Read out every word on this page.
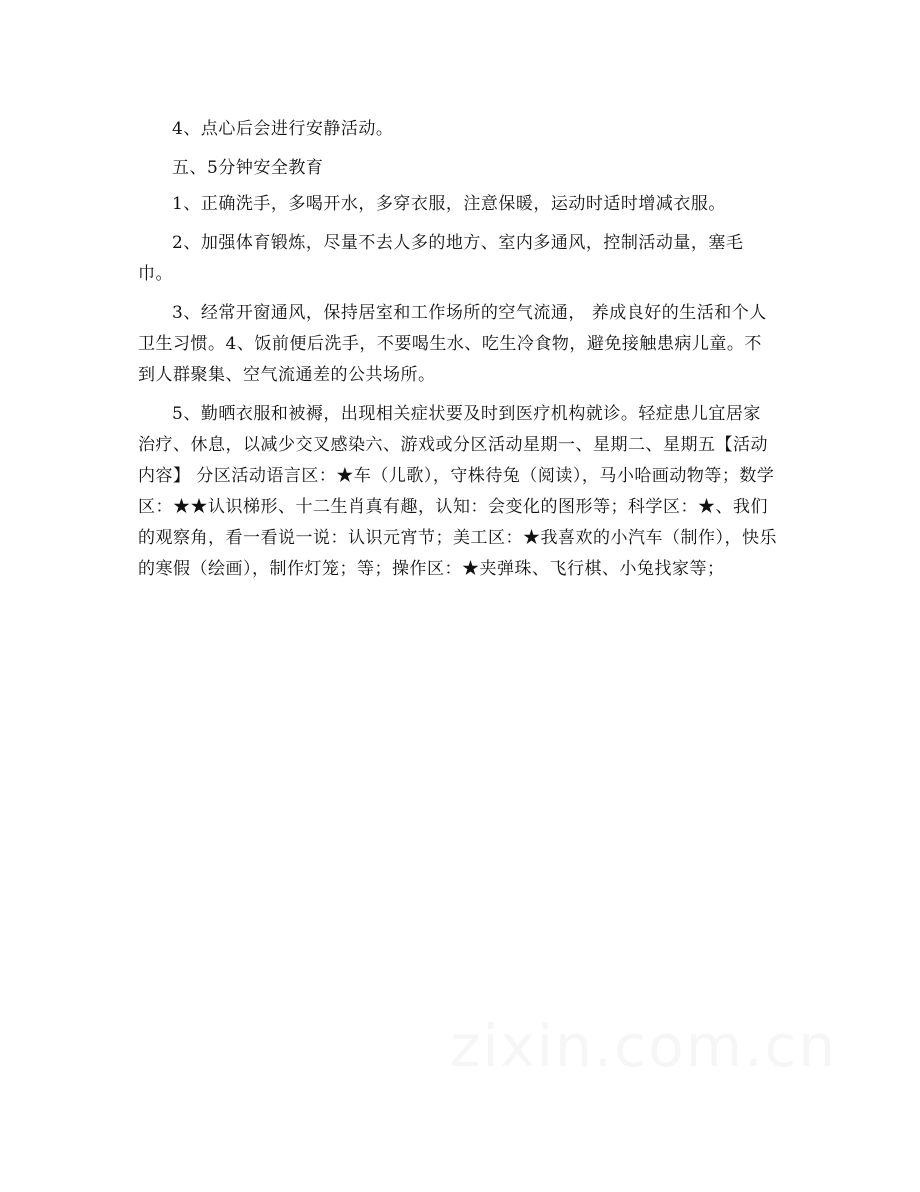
4、点心后会进行安静活动。

五、5分钟安全教育

1、正确洗手，多喝开水，多穿衣服，注意保暖，运动时适时增减衣服。

2、加强体育锻炼，尽量不去人多的地方、室内多通风，控制活动量，塞毛巾。

3、经常开窗通风，保持居室和工作场所的空气流通， 养成良好的生活和个人卫生习惯。4、饭前便后洗手，不要喝生水、吃生冷食物，避免接触患病儿童。不到人群聚集、空气流通差的公共场所。

5、勤晒衣服和被褥，出现相关症状要及时到医疗机构就诊。轻症患儿宜居家治疗、休息，以减少交叉感染六、游戏或分区活动星期一、星期二、星期五【活动内容】 分区活动语言区：★车（儿歌），守株待兔（阅读），马小哈画动物等；数学区：★★认识梯形、十二生肖真有趣，认知：会变化的图形等；科学区：★、我们的观察角，看一看说一说：认识元宵节；美工区：★我喜欢的小汽车（制作），快乐的寒假（绘画），制作灯笼；等；操作区：★夹弹珠、飞行棋、小兔找家等；

zixin.com.cn
